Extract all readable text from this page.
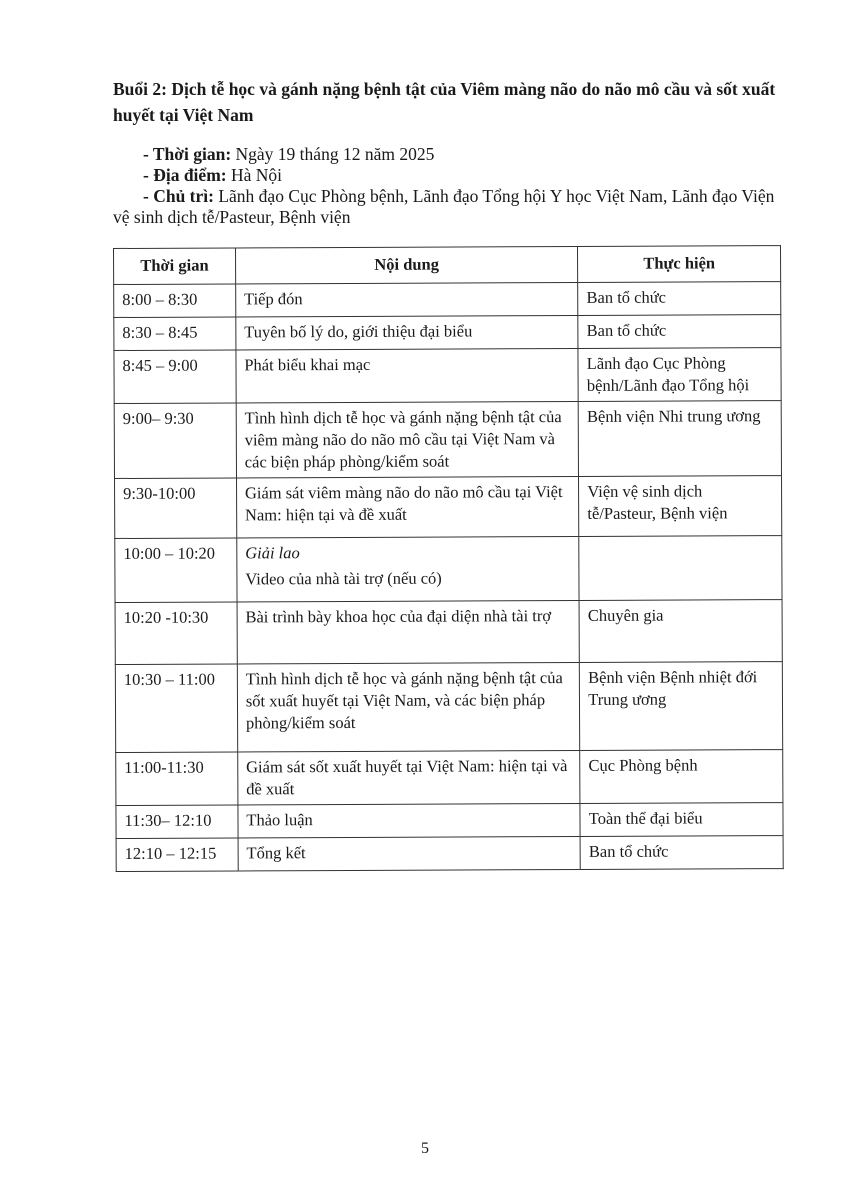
Buổi 2: Dịch tễ học và gánh nặng bệnh tật của Viêm màng não do não mô cầu và sốt xuất huyết tại Việt Nam
- Thời gian: Ngày 19 tháng 12 năm 2025
- Địa điểm: Hà Nội
- Chủ trì: Lãnh đạo Cục Phòng bệnh, Lãnh đạo Tổng hội Y học Việt Nam, Lãnh đạo Viện vệ sinh dịch tễ/Pasteur, Bệnh viện
Thời gian	Nội dung	Thực hiện
8:00 – 8:30	Tiếp đón	Ban tổ chức
8:30 – 8:45	Tuyên bố lý do, giới thiệu đại biểu	Ban tổ chức
8:45 – 9:00	Phát biểu khai mạc	Lãnh đạo Cục Phòng bệnh/Lãnh đạo Tổng hội
9:00– 9:30	Tình hình dịch tễ học và gánh nặng bệnh tật của viêm màng não do não mô cầu tại Việt Nam và các biện pháp phòng/kiểm soát	Bệnh viện Nhi trung ương
9:30-10:00	Giám sát viêm màng não do não mô cầu tại Việt Nam: hiện tại và đề xuất	Viện vệ sinh dịch tễ/Pasteur, Bệnh viện
10:00 – 10:20	Giải lao
Video của nhà tài trợ (nếu có)	

10:20 -10:30	Bài trình bày khoa học của đại diện nhà tài trợ	Chuyên gia
10:30 – 11:00	Tình hình dịch tễ học và gánh nặng bệnh tật của sốt xuất huyết tại Việt Nam, và các biện pháp phòng/kiểm soát	Bệnh viện Bệnh nhiệt đới Trung ương
11:00-11:30	Giám sát sốt xuất huyết tại Việt Nam: hiện tại và đề xuất	Cục Phòng bệnh
11:30– 12:10	Thảo luận	Toàn thể đại biểu
12:10 – 12:15	Tổng kết	Ban tổ chức
5
